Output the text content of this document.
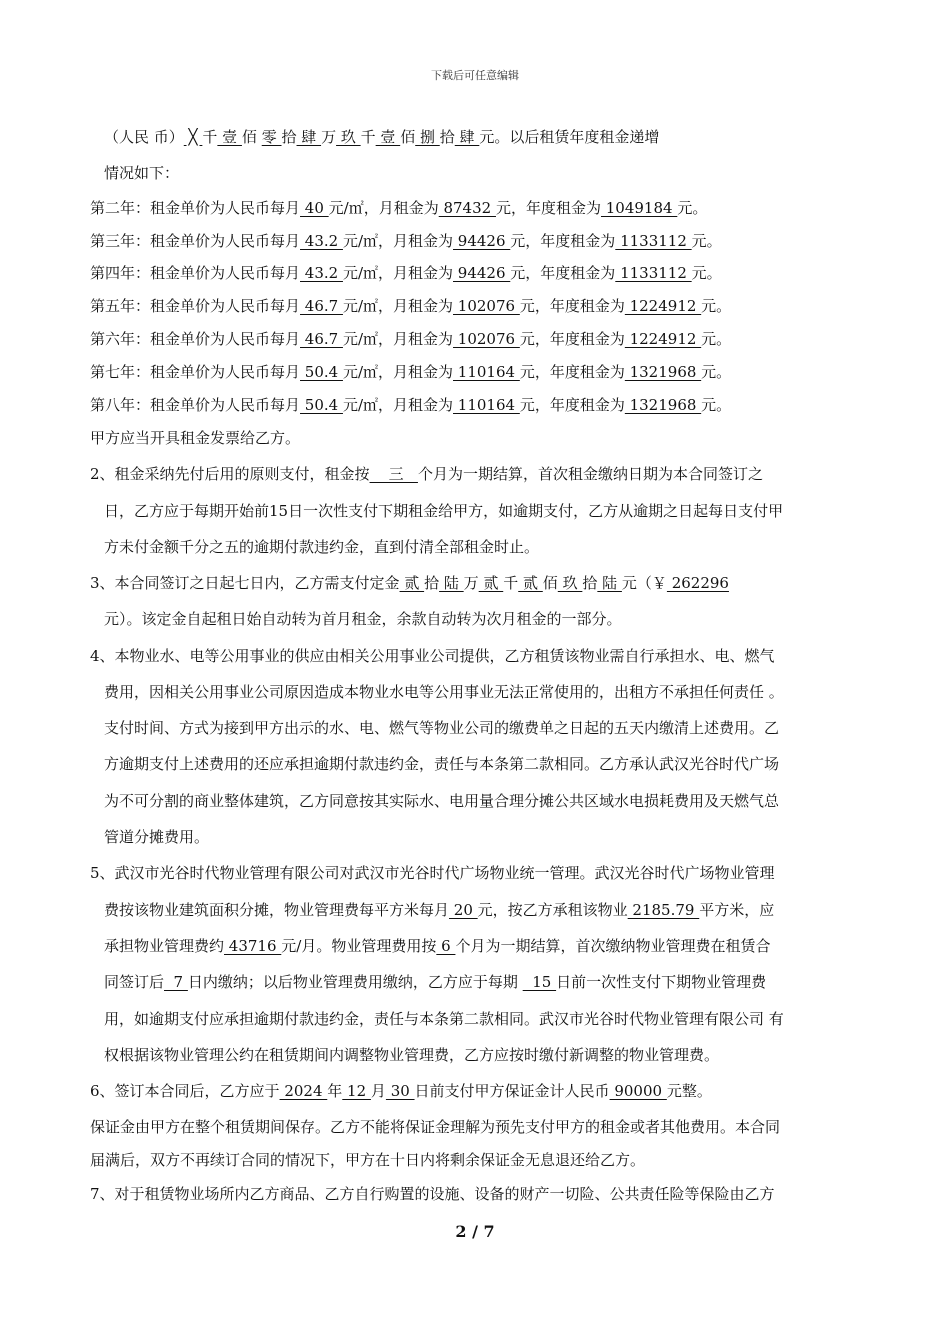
下载后可任意编辑
（人民 币） ╳ 千 壹 佰 零 拾 肆 万 玖 千 壹 佰 捌 拾 肆 元。以后租赁年度租金递增
情况如下：
第二年：租金单价为人民币每月 40 元/㎡，月租金为 87432 元，年度租金为 1049184 元。
第三年：租金单价为人民币每月 43.2 元/㎡，月租金为 94426 元，年度租金为 1133112 元。
第四年：租金单价为人民币每月 43.2 元/㎡，月租金为 94426 元，年度租金为 1133112 元。
第五年：租金单价为人民币每月 46.7 元/㎡，月租金为 102076 元，年度租金为 1224912 元。
第六年：租金单价为人民币每月 46.7 元/㎡，月租金为 102076 元，年度租金为 1224912 元。
第七年：租金单价为人民币每月 50.4 元/㎡，月租金为 110164 元，年度租金为 1321968 元。
第八年：租金单价为人民币每月 50.4 元/㎡，月租金为 110164 元，年度租金为 1321968 元。
甲方应当开具租金发票给乙方。
2、租金采纳先付后用的原则支付，租金按    三   个月为一期结算，首次租金缴纳日期为本合同签订之
日，乙方应于每期开始前15日一次性支付下期租金给甲方，如逾期支付，乙方从逾期之日起每日支付甲
方未付金额千分之五的逾期付款违约金，直到付清全部租金时止。
3、本合同签订之日起七日内，乙方需支付定金 贰 拾 陆 万 贰 千 贰 佰 玖 拾 陆 元（￥ 262296
元）。该定金自起租日始自动转为首月租金，余款自动转为次月租金的一部分。
4、本物业水、电等公用事业的供应由相关公用事业公司提供，乙方租赁该物业需自行承担水、电、燃气
费用，因相关公用事业公司原因造成本物业水电等公用事业无法正常使用的，出租方不承担任何责任 。
支付时间、方式为接到甲方出示的水、电、燃气等物业公司的缴费单之日起的五天内缴清上述费用。乙
方逾期支付上述费用的还应承担逾期付款违约金，责任与本条第二款相同。乙方承认武汉光谷时代广场
为不可分割的商业整体建筑，乙方同意按其实际水、电用量合理分摊公共区域水电损耗费用及天燃气总
管道分摊费用。
5、武汉市光谷时代物业管理有限公司对武汉市光谷时代广场物业统一管理。武汉光谷时代广场物业管理
费按该物业建筑面积分摊，物业管理费每平方米每月 20 元，按乙方承租该物业 2185.79 平方米，应
承担物业管理费约 43716 元/月。物业管理费用按 6 个月为一期结算，首次缴纳物业管理费在租赁合
同签订后  7 日内缴纳；以后物业管理费用缴纳，乙方应于每期   15 日前一次性支付下期物业管理费
用，如逾期支付应承担逾期付款违约金，责任与本条第二款相同。武汉市光谷时代物业管理有限公司 有
权根据该物业管理公约在租赁期间内调整物业管理费，乙方应按时缴付新调整的物业管理费。
6、签订本合同后，乙方应于 2024 年 12 月 30 日前支付甲方保证金计人民币 90000 元整。
保证金由甲方在整个租赁期间保存。乙方不能将保证金理解为预先支付甲方的租金或者其他费用。本合同
届满后，双方不再续订合同的情况下，甲方在十日内将剩余保证金无息退还给乙方。
7、对于租赁物业场所内乙方商品、乙方自行购置的设施、设备的财产一切险、公共责任险等保险由乙方
2 / 7
